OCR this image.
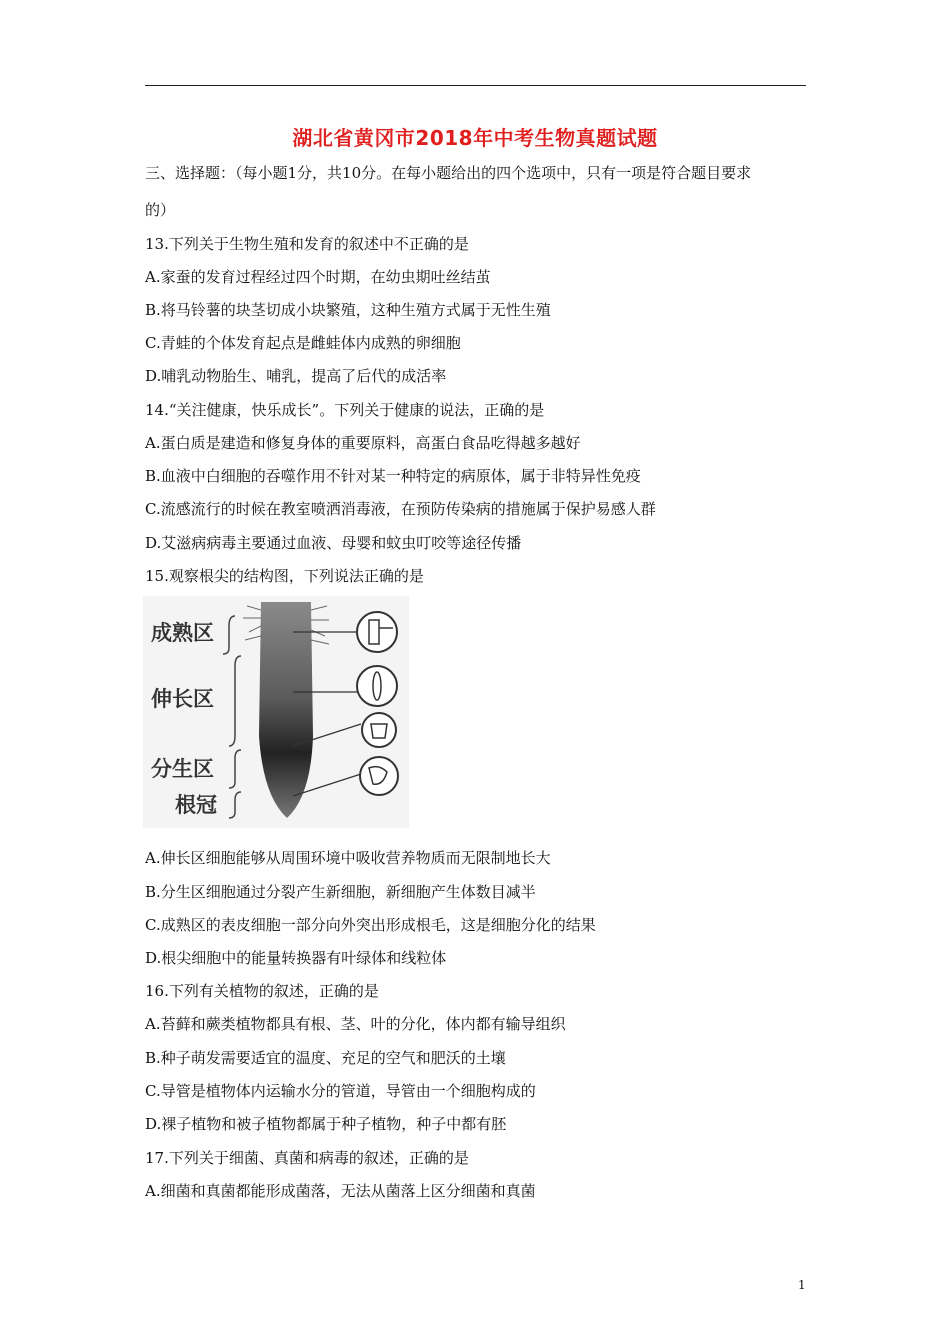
湖北省黄冈市2018年中考生物真题试题
三、选择题：（每小题1分，共10分。在每小题给出的四个选项中，只有一项是符合题目要求
的）
13.下列关于生物生殖和发育的叙述中不正确的是
A.家蚕的发育过程经过四个时期，在幼虫期吐丝结茧
B.将马铃薯的块茎切成小块繁殖，这种生殖方式属于无性生殖
C.青蛙的个体发育起点是雌蛙体内成熟的卵细胞
D.哺乳动物胎生、哺乳，提高了后代的成活率
14.“关注健康，快乐成长”。下列关于健康的说法，正确的是
A.蛋白质是建造和修复身体的重要原料，高蛋白食品吃得越多越好
B.血液中白细胞的吞噬作用不针对某一种特定的病原体，属于非特异性免疫
C.流感流行的时候在教室喷洒消毒液，在预防传染病的措施属于保护易感人群
D.艾滋病病毒主要通过血液、母婴和蚊虫叮咬等途径传播
15.观察根尖的结构图，下列说法正确的是
成熟区
伸长区
分生区
根冠
A.伸长区细胞能够从周围环境中吸收营养物质而无限制地长大
B.分生区细胞通过分裂产生新细胞，新细胞产生体数目减半
C.成熟区的表皮细胞一部分向外突出形成根毛，这是细胞分化的结果
D.根尖细胞中的能量转换器有叶绿体和线粒体
16.下列有关植物的叙述，正确的是
A.苔藓和蕨类植物都具有根、茎、叶的分化，体内都有输导组织
B.种子萌发需要适宜的温度、充足的空气和肥沃的土壤
C.导管是植物体内运输水分的管道，导管由一个细胞构成的
D.裸子植物和被子植物都属于种子植物，种子中都有胚
17.下列关于细菌、真菌和病毒的叙述，正确的是
A.细菌和真菌都能形成菌落，无法从菌落上区分细菌和真菌
1
